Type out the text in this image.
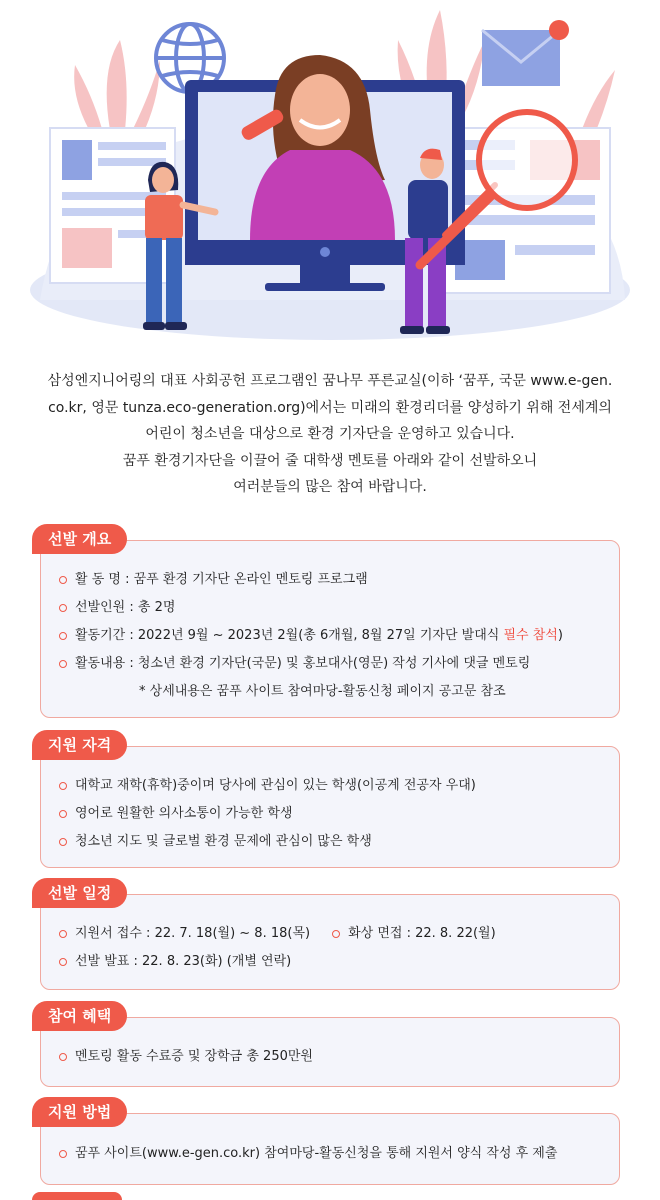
삼성엔지니어링의 대표 사회공헌 프로그램인 꿈나무 푸른교실(이하 ‘꿈푸, 국문 www.e-gen.
co.kr, 영문 tunza.eco-generation.org)에서는 미래의 환경리더를 양성하기 위해 전세계의
어린이 청소년을 대상으로 환경 기자단을 운영하고 있습니다.
꿈푸 환경기자단을 이끌어 줄 대학생 멘토를 아래와 같이 선발하오니
여러분들의 많은 참여 바랍니다.
선발 개요
활 동 명 : 꿈푸 환경 기자단 온라인 멘토링 프로그램
선발인원 : 총 2명
활동기간 : 2022년 9월 ~ 2023년 2월(총 6개월, 8월 27일 기자단 발대식 필수 참석)
활동내용 : 청소년 환경 기자단(국문) 및 홍보대사(영문) 작성 기사에 댓글 멘토링
* 상세내용은 꿈푸 사이트 참여마당-활동신청 페이지 공고문 참조
지원 자격
대학교 재학(휴학)중이며 당사에 관심이 있는 학생(이공계 전공자 우대)
영어로 원활한 의사소통이 가능한 학생
청소년 지도 및 글로벌 환경 문제에 관심이 많은 학생
선발 일정
지원서 접수 : 22. 7. 18(월) ~ 8. 18(목)	화상 면접 : 22. 8. 22(월)
선발 발표 : 22. 8. 23(화) (개별 연락)
참여 혜택
멘토링 활동 수료증 및 장학금 총 250만원
지원 방법
꿈푸 사이트(www.e-gen.co.kr) 참여마당-활동신청을 통해 지원서 양식 작성 후 제출
